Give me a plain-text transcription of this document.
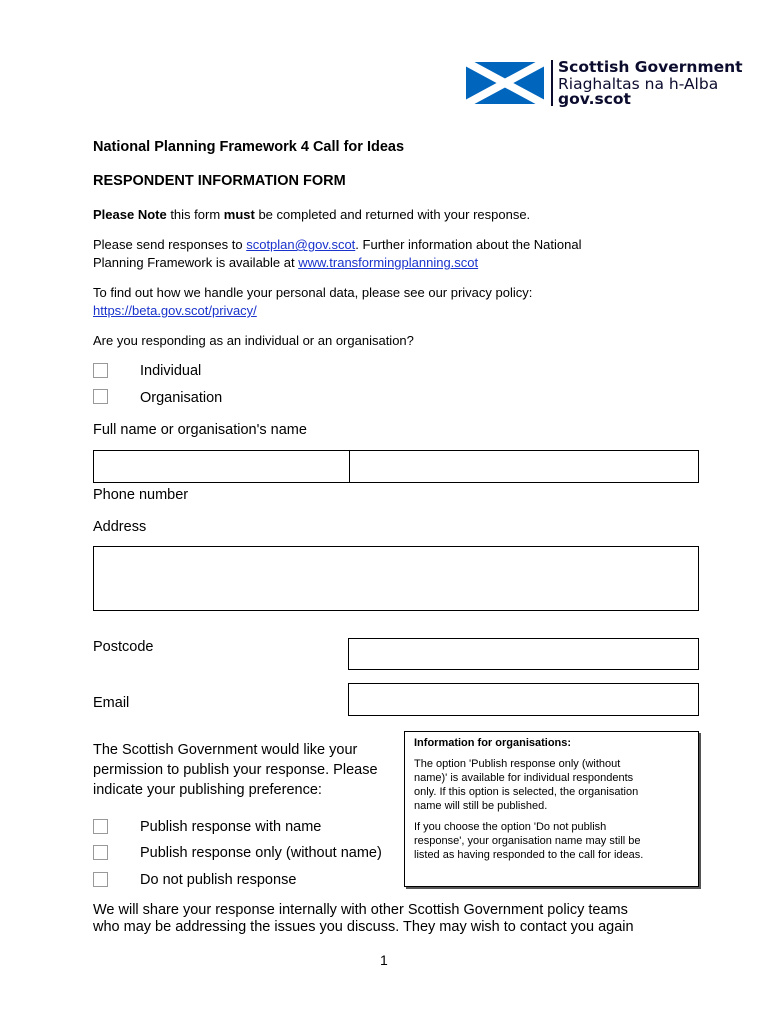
Scottish Government
Riaghaltas na h-Alba
gov.scot
National Planning Framework 4 Call for Ideas
RESPONDENT INFORMATION FORM
Please Note this form must be completed and returned with your response.
Please send responses to scotplan@gov.scot. Further information about the National
Planning Framework is available at www.transformingplanning.scot
To find out how we handle your personal data, please see our privacy policy:
https://beta.gov.scot/privacy/
Are you responding as an individual or an organisation?
Individual
Organisation
Full name or organisation's name
Phone number
Address
Postcode
Email
The Scottish Government would like your
permission to publish your response. Please
indicate your publishing preference:
Publish response with name
Publish response only (without name)
Do not publish response
Information for organisations:
The option 'Publish response only (without
name)' is available for individual respondents
only. If this option is selected, the organisation
name will still be published.
If you choose the option 'Do not publish
response', your organisation name may still be
listed as having responded to the call for ideas.
We will share your response internally with other Scottish Government policy teams
who may be addressing the issues you discuss. They may wish to contact you again
1
